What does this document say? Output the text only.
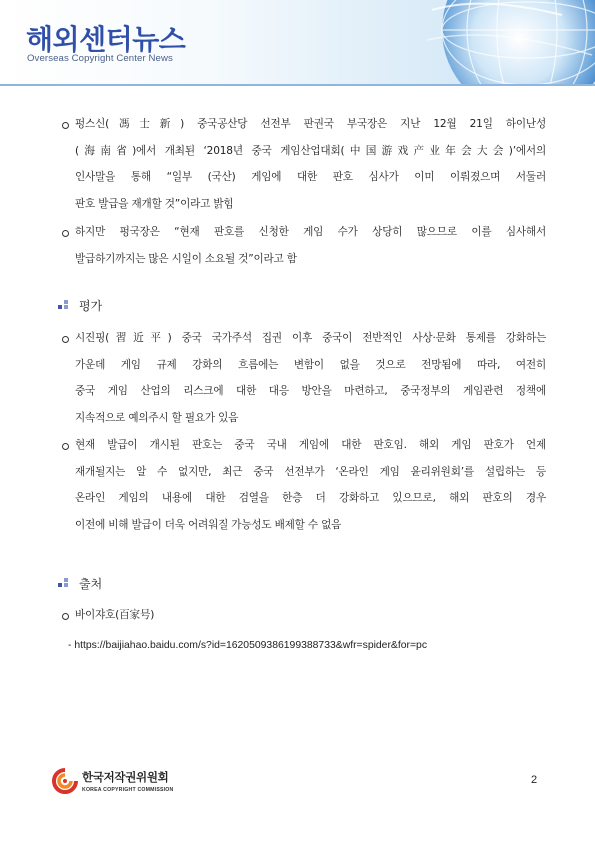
해외센터뉴스
Overseas Copyright Center News
펑스신(馮士新) 중국공산당 선전부 판권국 부국장은 지난 12월 21일 하이난성
(海南省)에서 개최된 ‘2018년 중국 게임산업대회(中国游戏产业年会大会)’에서의
인사말을 통해 “일부 (국산) 게임에 대한 판호 심사가 이미 이뤄졌으며 서둘러
판호 발급을 재개할 것”이라고 밝힘
하지만 펑국장은 “현재 판호를 신청한 게임 수가 상당히 많으므로 이를 심사해서
발급하기까지는 많은 시일이 소요될 것”이라고 함
평가
시진핑(習近平) 중국 국가주석 집권 이후 중국이 전반적인 사상·문화 통제를 강화하는
가운데 게임 규제 강화의 흐름에는 변함이 없을 것으로 전망됨에 따라, 여전히
중국 게임 산업의 리스크에 대한 대응 방안을 마련하고, 중국정부의 게임관련 정책에
지속적으로 예의주시 할 필요가 있음
현재 발급이 개시된 판호는 중국 국내 게임에 대한 판호임. 해외 게임 판호가 언제
재개될지는 알 수 없지만, 최근 중국 선전부가 ‘온라인 게임 윤리위원회’를 설립하는 등
온라인 게임의 내용에 대한 검열을 한층 더 강화하고 있으므로, 해외 판호의 경우
이전에 비해 발급이 더욱 어려워질 가능성도 배제할 수 없음
출처
바이쟈호(百家号)
- https://baijiahao.baidu.com/s?id=1620509386199388733&wfr=spider&for=pc
한국저작권위원회
KOREA COPYRIGHT COMMISSION
2
